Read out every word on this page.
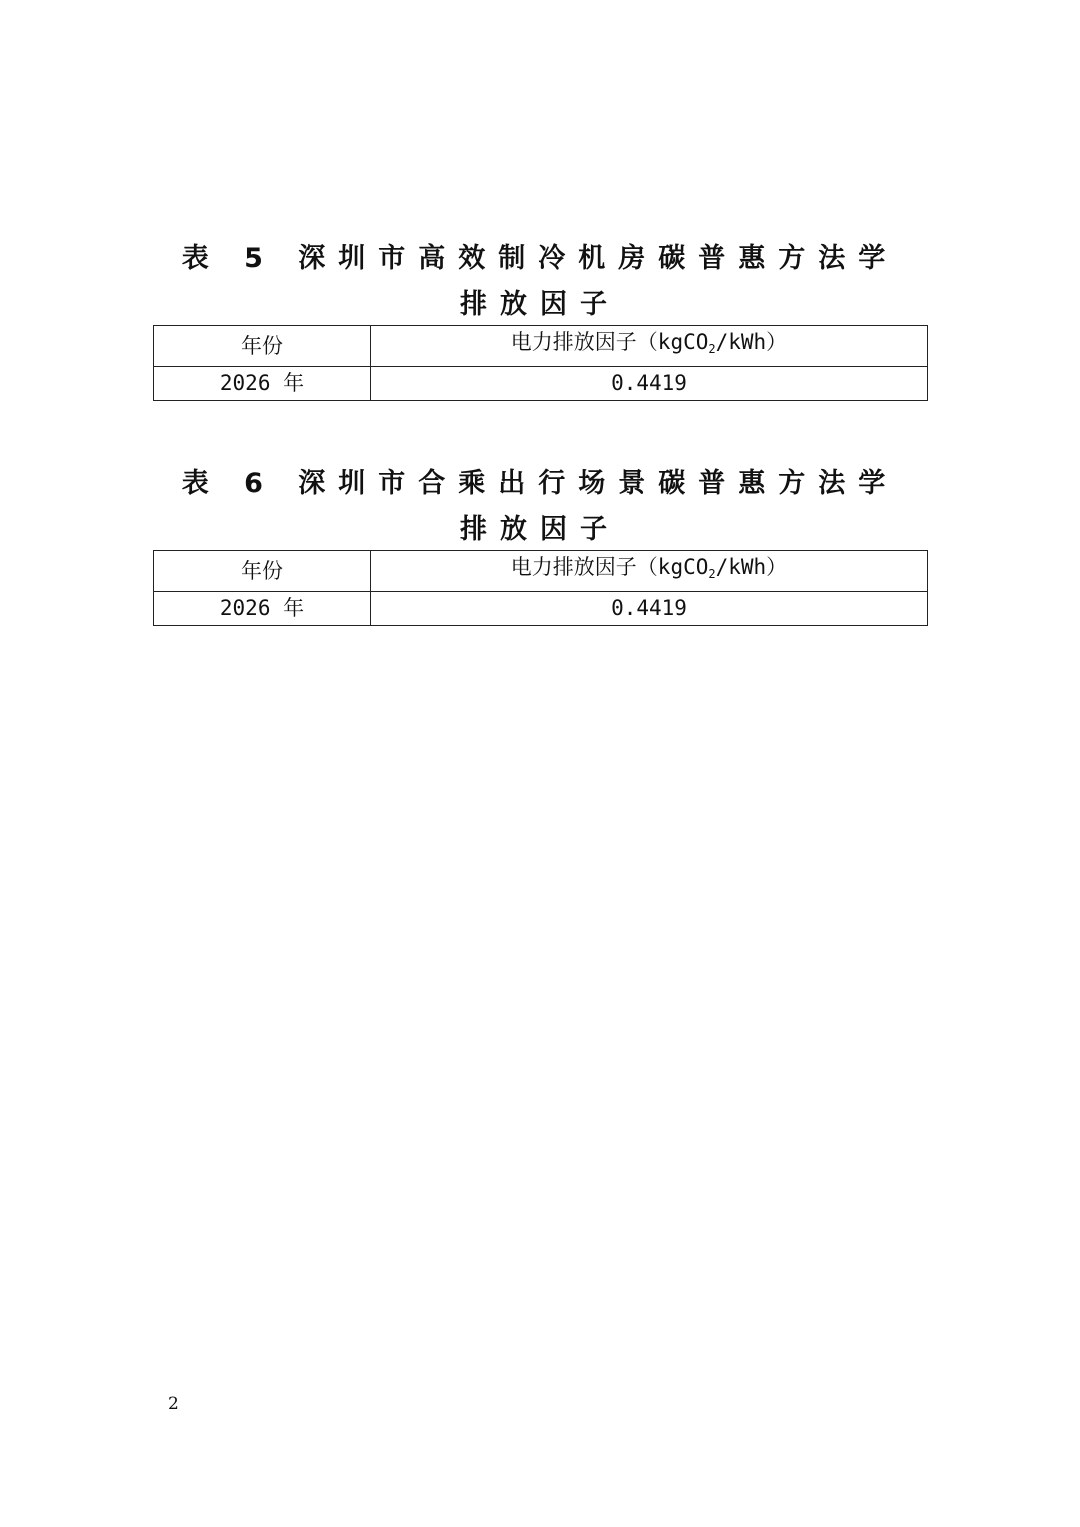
表 5 深圳市高效制冷机房碳普惠方法学
排放因子
年份	电力排放因子（kgCO$_2$/kWh）
2026 年	0.4419
表 6 深圳市合乘出行场景碳普惠方法学
排放因子
年份	电力排放因子（kgCO$_2$/kWh）
2026 年	0.4419
2
